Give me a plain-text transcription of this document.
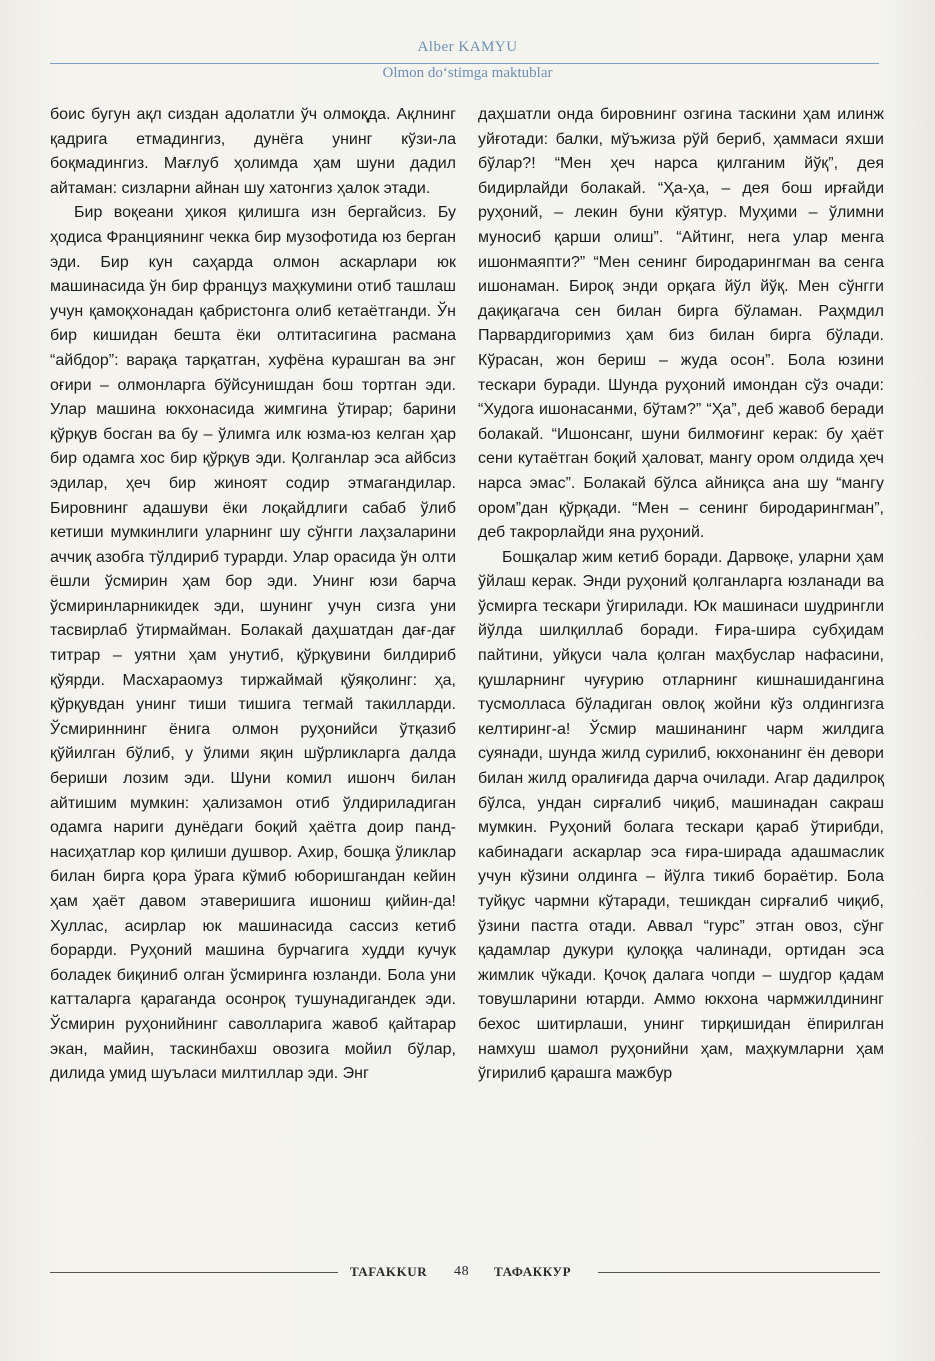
Alber KAMYU
Olmon do‘stimga maktublar

боис бугун ақл сиздан адолатли ўч олмоқда. Ақлнинг қадрига етмадингиз, дунёга унинг кўзи-ла боқмадингиз. Мағлуб ҳолимда ҳам шуни дадил айтаман: сизларни айнан шу хатонгиз ҳалок этади.

Бир воқеани ҳикоя қилишга изн бергайсиз. Бу ҳодиса Франциянинг чекка бир музофотида юз берган эди. Бир кун саҳарда олмон аскарлари юк машинасида ўн бир француз маҳкумини отиб ташлаш учун қамоқхонадан қабристонга олиб кетаётганди. Ўн бир кишидан бешта ёки олтитасигина расмана “айбдор”: варақа тарқатган, хуфёна курашган ва энг оғири – олмонларга бўйсунишдан бош тортган эди. Улар машина юкхонасида жимгина ўтирар; барини қўрқув босган ва бу – ўлимга илк юзма-юз келган ҳар бир одамга хос бир қўрқув эди. Қолганлар эса айбсиз эдилар, ҳеч бир жиноят содир этмагандилар. Бировнинг адашуви ёки лоқайдлиги сабаб ўлиб кетиши мумкинлиги уларнинг шу сўнгги лаҳзаларини аччиқ азобга тўлдириб турарди. Улар орасида ўн олти ёшли ўсмирин ҳам бор эди. Унинг юзи барча ўсмиринларникидек эди, шунинг учун сизга уни тасвирлаб ўтирмайман. Болакай даҳшатдан дағ-дағ титрар – уятни ҳам унутиб, қўрқувини билдириб қўярди. Масхараомуз тиржаймай қўяқолинг: ҳа, қўрқувдан унинг тиши тишига тегмай такилларди. Ўсмириннинг ёнига олмон руҳонийси ўтқазиб қўйилган бўлиб, у ўлими яқин шўрликларга далда бериши лозим эди. Шуни комил ишонч билан айтишим мумкин: ҳализамон отиб ўлдириладиган одамга нариги дунёдаги боқий ҳаётга доир панд-насиҳатлар кор қилиши душвор. Ахир, бошқа ўликлар билан бирга қора ўрага кўмиб юборишгандан кейин ҳам ҳаёт давом этаверишига ишониш қийин-да! Хуллас, асирлар юк машинасида сассиз кетиб борарди. Руҳоний машина бурчагига худди кучук боладек биқиниб олган ўсмиринга юзланди. Бола уни катталарга қараганда осонроқ тушунадигандек эди. Ўсмирин руҳонийнинг саволларига жавоб қайтарар экан, майин, таскинбахш овозига мойил бўлар, дилида умид шуъласи милтиллар эди. Энг

даҳшатли онда бировнинг озгина таскини ҳам илинж уйғотади: балки, мўъжиза рўй бериб, ҳаммаси яхши бўлар?! “Мен ҳеч нарса қилганим йўқ”, дея бидирлайди болакай. “Ҳа-ҳа, – дея бош ирғайди руҳоний, – лекин буни кўятур. Муҳими – ўлимни муносиб қарши олиш”. “Айтинг, нега улар менга ишонмаяпти?” “Мен сенинг биродарингман ва сенга ишонаман. Бироқ энди орқага йўл йўқ. Мен сўнгги дақиқагача сен билан бирга бўламан. Раҳмдил Парвардигоримиз ҳам биз билан бирга бўлади. Кўрасан, жон бериш – жуда осон”. Бола юзини тескари буради. Шунда руҳоний имондан сўз очади: “Худога ишонасанми, бўтам?” “Ҳа”, деб жавоб беради болакай. “Ишонсанг, шуни билмоғинг керак: бу ҳаёт сени кутаётган боқий ҳаловат, мангу ором олдида ҳеч нарса эмас”. Болакай бўлса айниқса ана шу “мангу ором”дан қўрқади. “Мен – сенинг биродарингман”, деб такрорлайди яна руҳоний.

Бошқалар жим кетиб боради. Дарвоқе, уларни ҳам ўйлаш керак. Энди руҳоний қолганларга юзланади ва ўсмирга тескари ўгирилади. Юк машинаси шудрингли йўлда шилқиллаб боради. Ғира-шира субҳидам пайтини, уйқуси чала қолган маҳбуслар нафасини, қушларнинг чуғурию отларнинг кишнашидангина тусмолласа бўладиган овлоқ жойни кўз олдингизга келтиринг-а! Ўсмир машинанинг чарм жилдига суянади, шунда жилд сурилиб, юкхонанинг ён девори билан жилд оралиғида дарча очилади. Агар дадилроқ бўлса, ундан сирғалиб чиқиб, машинадан сакраш мумкин. Руҳоний болага тескари қараб ўтирибди, кабинадаги аскарлар эса ғира-ширада адашмаслик учун кўзини олдинга – йўлга тикиб бораётир. Бола туйқус чармни кўтаради, тешикдан сирғалиб чиқиб, ўзини пастга отади. Аввал “гурс” этган овоз, сўнг қадамлар дукури қулоққа чалинади, ортидан эса жимлик чўкади. Қочоқ далага чопди – шудгор қадам товушларини ютарди. Аммо юкхона чармжилдининг бехос шитирлаши, унинг тирқишидан ёпирилган намхуш шамол руҳонийни ҳам, маҳкумларни ҳам ўгирилиб қарашга мажбур

TAFAKKUR 48 ТАФАККУР
